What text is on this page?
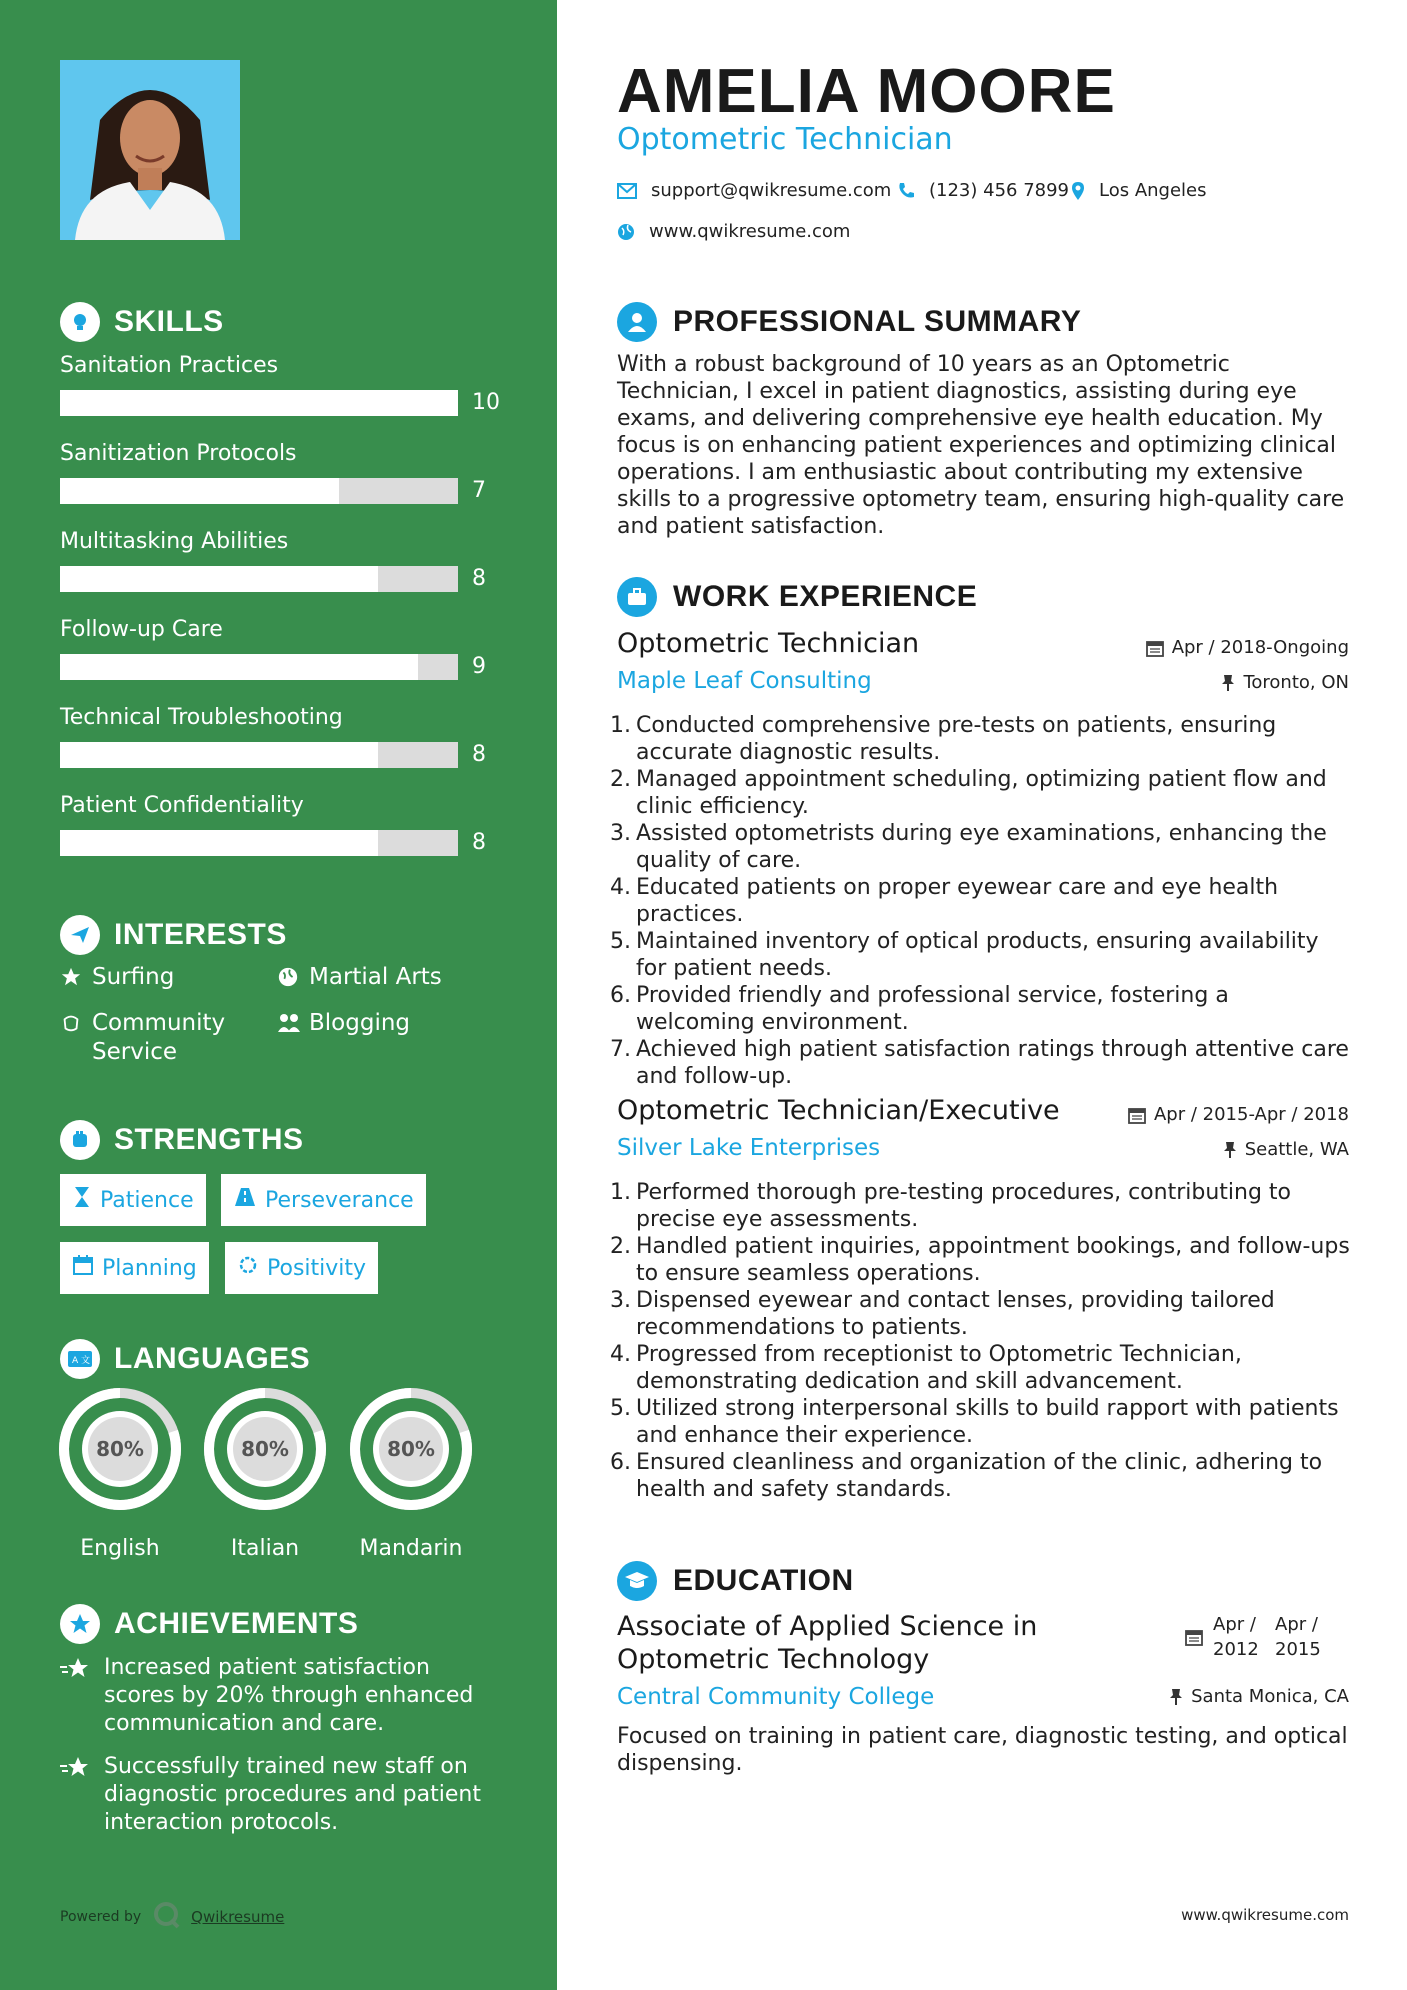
SKILLS
INTERESTS
Surfing	Martial Arts
Community Service
Blogging
STRENGTHS
Patience	Perseverance
Planning	Positivity
A 文 LANGUAGES
80%
English
80%
Italian
80%
Mandarin
ACHIEVEMENTS
Increased patient satisfaction scores by 20% through enhanced communication and care.
Successfully trained new staff on diagnostic procedures and patient interaction protocols.
Powered by	Qwikresume
Sanitation Practices
10
Sanitization Protocols
7
Multitasking Abilities
8
Follow-up Care
9
Technical Troubleshooting
8
Patient Confidentiality
8
AMELIA MOORE
Optometric Technician
support@qwikresume.com (123) 456 7899 Los Angeles
www.qwikresume.com
PROFESSIONAL SUMMARY
With a robust background of 10 years as an Optometric Technician, I excel in patient diagnostics, assisting during eye exams, and delivering comprehensive eye health education. My focus is on enhancing patient experiences and optimizing clinical operations. I am enthusiastic about contributing my extensive skills to a progressive optometry team, ensuring high-quality care and patient satisfaction.
WORK EXPERIENCE
Optometric Technician	Apr / 2018-Ongoing
Maple Leaf Consulting	Toronto, ON
1. Conducted comprehensive pre-tests on patients, ensuring accurate diagnostic results.
2. Managed appointment scheduling, optimizing patient flow and clinic efficiency.
3. Assisted optometrists during eye examinations, enhancing the quality of care.
4. Educated patients on proper eyewear care and eye health practices.
5. Maintained inventory of optical products, ensuring availability for patient needs.
6. Provided friendly and professional service, fostering a welcoming environment.
7. Achieved high patient satisfaction ratings through attentive care and follow-up.
Optometric Technician/Executive	Apr / 2015-Apr / 2018
Silver Lake Enterprises	Seattle, WA
1. Performed thorough pre-testing procedures, contributing to precise eye assessments.
2. Handled patient inquiries, appointment bookings, and follow-ups to ensure seamless operations.
3. Dispensed eyewear and contact lenses, providing tailored recommendations to patients.
4. Progressed from receptionist to Optometric Technician, demonstrating dedication and skill advancement.
5. Utilized strong interpersonal skills to build rapport with patients and enhance their experience.
6. Ensured cleanliness and organization of the clinic, adhering to health and safety standards.
EDUCATION
Associate of Applied Science in Optometric Technology
Apr / 2012
Apr / 2015
Central Community College	Santa Monica, CA
Focused on training in patient care, diagnostic testing, and optical dispensing.
www.qwikresume.com
